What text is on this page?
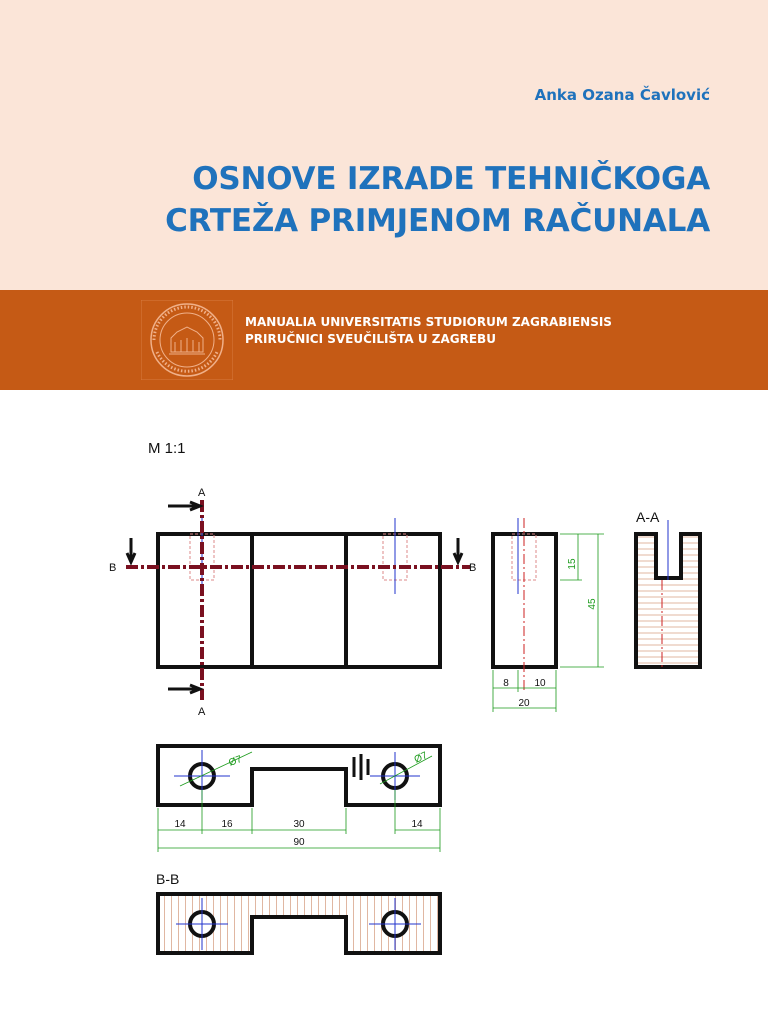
Anka Ozana Čavlović
OSNOVE IZRADE TEHNIČKOGA
CRTEŽA PRIMJENOM RAČUNALA
MANUALIA UNIVERSITATIS STUDIORUM ZAGRABIENSIS
PRIRUČNICI SVEUČILIŠTA U ZAGREBU
M 1:1
A
A
B	B	15
45
8	10
20
A-A
Ø7	Ø7
14	16	30	14
90
B-B
